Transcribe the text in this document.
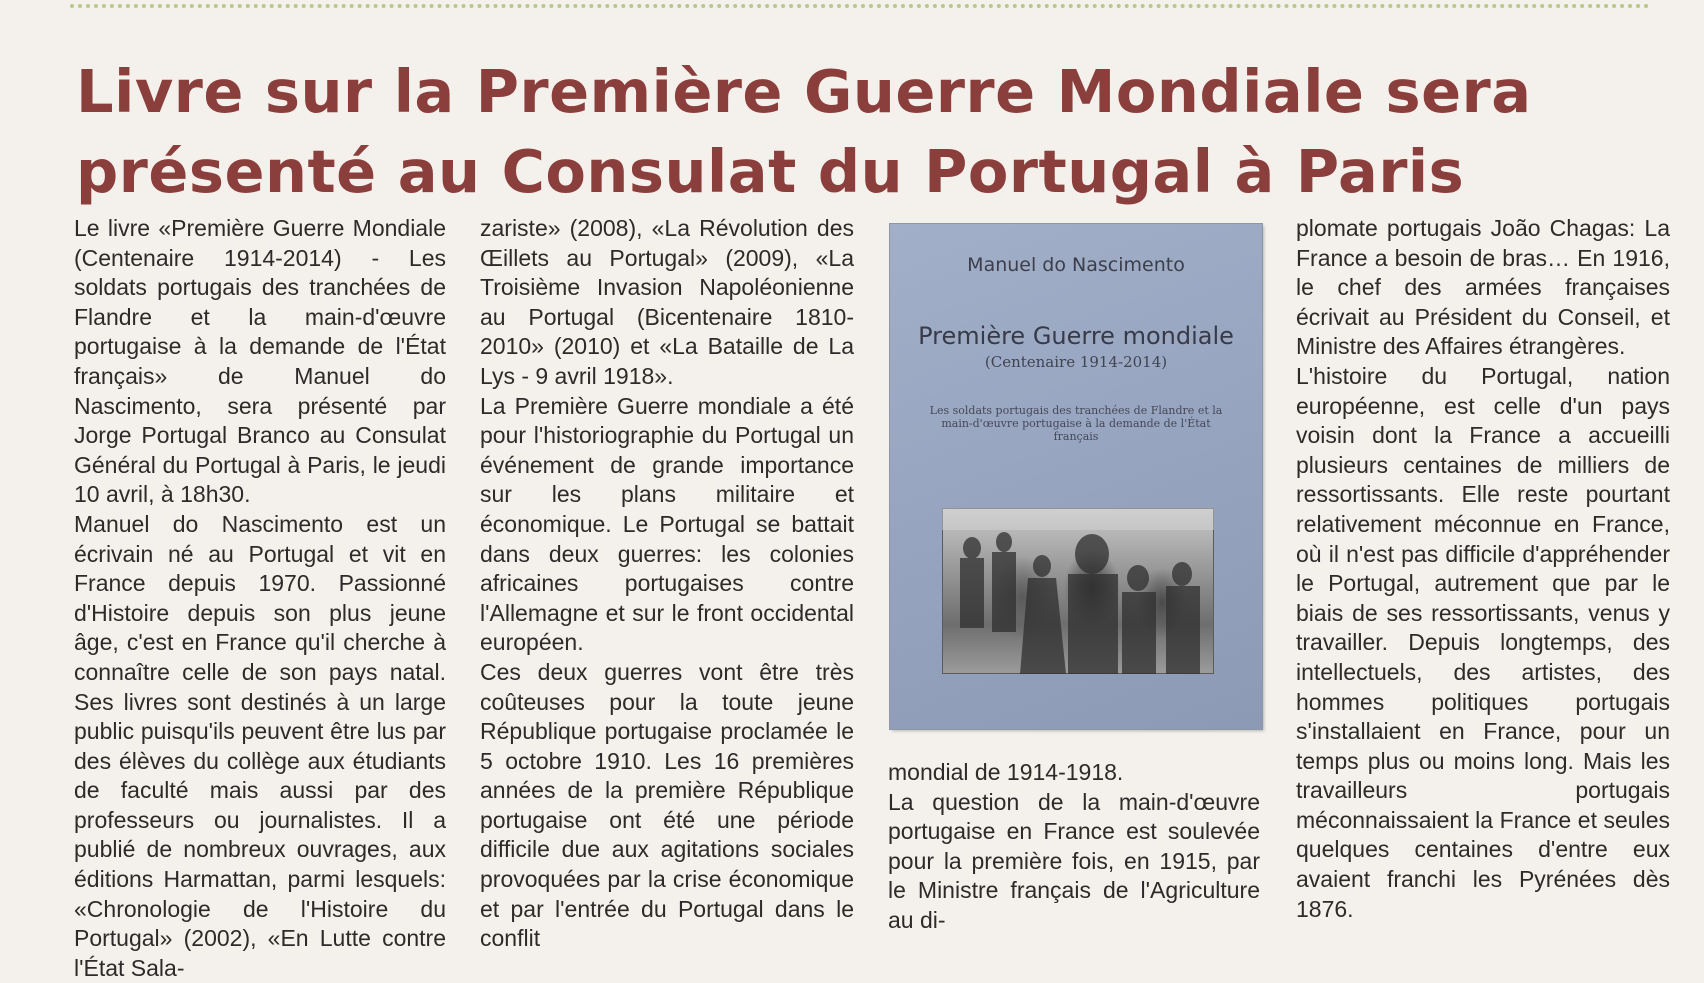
Livre sur la Première Guerre Mondiale sera
présenté au Consulat du Portugal à Paris

Le livre «Première Guerre Mondiale (Centenaire 1914-2014) - Les soldats portugais des tranchées de Flandre et la main-d'œuvre portugaise à la demande de l'État français» de Manuel do Nascimento, sera présenté par Jorge Portugal Branco au Consulat Général du Portugal à Paris, le jeudi 10 avril, à 18h30.

Manuel do Nascimento est un écrivain né au Portugal et vit en France depuis 1970. Passionné d'Histoire depuis son plus jeune âge, c'est en France qu'il cherche à connaître celle de son pays natal. Ses livres sont destinés à un large public puisqu'ils peuvent être lus par des élèves du collège aux étudiants de faculté mais aussi par des professeurs ou journalistes. Il a publié de nombreux ouvrages, aux éditions Harmattan, parmi lesquels: «Chronologie de l'Histoire du Portugal» (2002), «En Lutte contre l'État Sala-

zariste» (2008), «La Révolution des Œillets au Portugal» (2009), «La Troisième Invasion Napoléonienne au Portugal (Bicentenaire 1810-2010» (2010) et «La Bataille de La Lys - 9 avril 1918».

La Première Guerre mondiale a été pour l'historiographie du Portugal un événement de grande importance sur les plans militaire et économique. Le Portugal se battait dans deux guerres: les colonies africaines portugaises contre l'Allemagne et sur le front occidental européen.

Ces deux guerres vont être très coûteuses pour la toute jeune République portugaise proclamée le 5 octobre 1910. Les 16 premières années de la première République portugaise ont été une période difficile due aux agitations sociales provoquées par la crise économique et par l'entrée du Portugal dans le conflit

Manuel do Nascimento
Première Guerre mondiale
(Centenaire 1914-2014)
Les soldats portugais des tranchées de Flandre et la main-d'œuvre portugaise à la demande de l'État français

mondial de 1914-1918.

La question de la main-d'œuvre portugaise en France est soulevée pour la première fois, en 1915, par le Ministre français de l'Agriculture au di-

plomate portugais João Chagas: La France a besoin de bras… En 1916, le chef des armées françaises écrivait au Président du Conseil, et Ministre des Affaires étrangères.

L'histoire du Portugal, nation européenne, est celle d'un pays voisin dont la France a accueilli plusieurs centaines de milliers de ressortissants. Elle reste pourtant relativement méconnue en France, où il n'est pas difficile d'appréhender le Portugal, autrement que par le biais de ses ressortissants, venus y travailler. Depuis longtemps, des intellectuels, des artistes, des hommes politiques portugais s'installaient en France, pour un temps plus ou moins long. Mais les travailleurs portugais méconnaissaient la France et seules quelques centaines d'entre eux avaient franchi les Pyrénées dès 1876.
